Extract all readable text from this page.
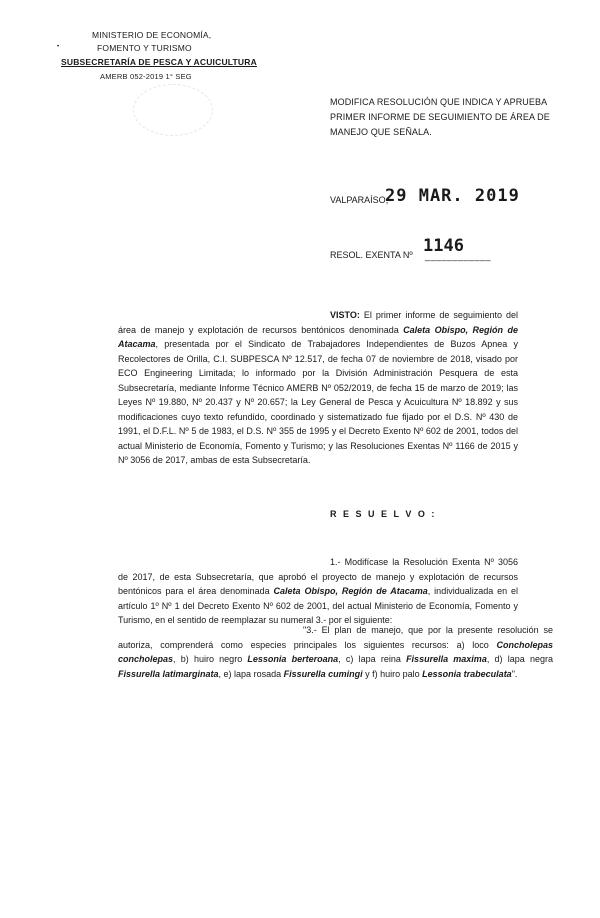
MINISTERIO DE ECONOMÍA,
FOMENTO Y TURISMO
SUBSECRETARÍA DE PESCA Y ACUICULTURA
AMERB 052-2019 1° SEG
•
MODIFICA RESOLUCIÓN QUE INDICA Y APRUEBA PRIMER INFORME DE SEGUIMIENTO DE ÁREA DE MANEJO QUE SEÑALA.
VALPARAÍSO,
29 MAR. 2019
RESOL. EXENTA Nº 1146
____________
VISTO: El primer informe de seguimiento del área de manejo y explotación de recursos bentónicos denominada Caleta Obispo, Región de Atacama, presentada por el Sindicato de Trabajadores Independientes de Buzos Apnea y Recolectores de Orilla, C.I. SUBPESCA Nº 12.517, de fecha 07 de noviembre de 2018, visado por ECO Engineering Limitada; lo informado por la División Administración Pesquera de esta Subsecretaría, mediante Informe Técnico AMERB Nº 052/2019, de fecha 15 de marzo de 2019; las Leyes Nº 19.880, Nº 20.437 y Nº 20.657; la Ley General de Pesca y Acuicultura Nº 18.892 y sus modificaciones cuyo texto refundido, coordinado y sistematizado fue fijado por el D.S. Nº 430 de 1991, el D.F.L. Nº 5 de 1983, el D.S. Nº 355 de 1995 y el Decreto Exento Nº 602 de 2001, todos del actual Ministerio de Economía, Fomento y Turismo; y las Resoluciones Exentas Nº 1166 de 2015 y Nº 3056 de 2017, ambas de esta Subsecretaría.
R E S U E L V O :
1.- Modifícase la Resolución Exenta Nº 3056 de 2017, de esta Subsecretaría, que aprobó el proyecto de manejo y explotación de recursos bentónicos para el área denominada Caleta Obispo, Región de Atacama, individualizada en el artículo 1º Nº 1 del Decreto Exento Nº 602 de 2001, del actual Ministerio de Economía, Fomento y Turismo, en el sentido de reemplazar su numeral 3.- por el siguiente:
"3.- El plan de manejo, que por la presente resolución se autoriza, comprenderá como especies principales los siguientes recursos: a) loco Concholepas concholepas, b) huiro negro Lessonia berteroana, c) lapa reina Fissurella maxima, d) lapa negra Fissurella latimarginata, e) lapa rosada Fissurella cumingi y f) huiro palo Lessonia trabeculata".
